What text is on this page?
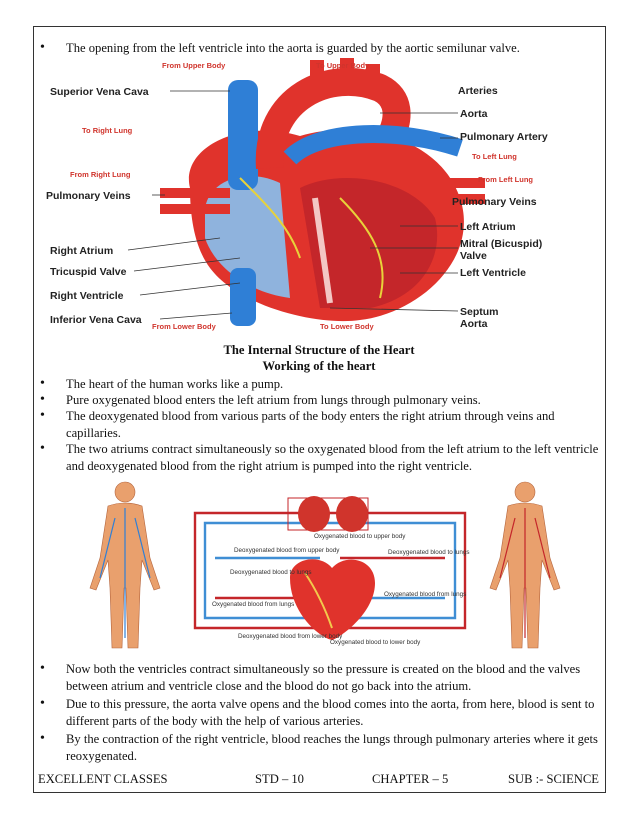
• The opening from the left ventricle into the aorta is guarded by the aortic semilunar valve.
Superior Vena Cava
Pulmonary Veins
Right Atrium
Tricuspid Valve
Right Ventricle
Inferior Vena Cava
Arteries
Aorta
Pulmonary Artery
Pulmonary Veins
Left Atrium
Mitral (Bicuspid)
Valve
Left Ventricle
Septum
Aorta
From Upper Body	To Upper Body
To Right Lung
To Left Lung
From Right Lung
From Left Lung
From Lower Body	To Lower Body
The Internal Structure of the Heart
Working of the heart
• The heart of the human works like a pump.
• Pure oxygenated blood enters the left atrium from lungs through pulmonary veins.
• The deoxygenated blood from various parts of the body enters the right atrium through veins and capillaries.
• The two atriums contract simultaneously so the oxygenated blood from the left atrium to the left ventricle and deoxygenated blood from the right atrium is pumped into the right ventricle.
Oxygenated blood to upper body
Deoxygenated blood from upper body	Deoxygenated blood to lungs
Deoxygenated blood to lungs
Oxygenated blood from lungs
Oxygenated blood from lungs
Deoxygenated blood from lower body
Oxygenated blood to lower body
• Now both the ventricles contract simultaneously so the pressure is created on the blood and the valves between atrium and ventricle close and the blood do not go back into the atrium.
• Due to this pressure, the aorta valve opens and the blood comes into the aorta, from here, blood is sent to different parts of the body with the help of various arteries.
• By the contraction of the right ventricle, blood reaches the lungs through pulmonary arteries where it gets reoxygenated.
EXCELLENT CLASSES	STD – 10	CHAPTER – 5	SUB :- SCIENCE
